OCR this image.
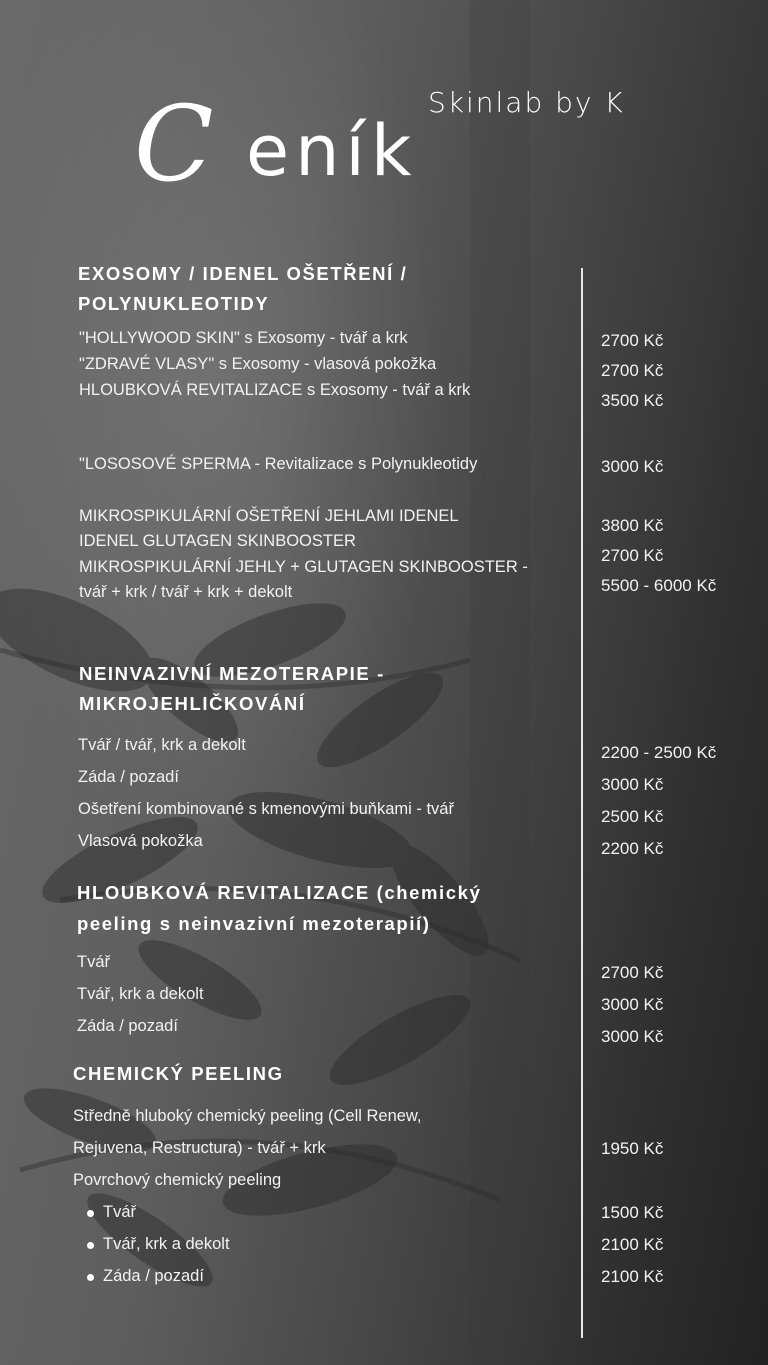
Skinlab by K
C eník
EXOSOMY / IDENEL OŠETŘENÍ /
POLYNUKLEOTIDY
"HOLLYWOOD SKIN" s Exosomy - tvář a krk
"ZDRAVÉ VLASY" s Exosomy - vlasová pokožka
HLOUBKOVÁ REVITALIZACE s Exosomy - tvář a krk
"LOSOSOVÉ SPERMA - Revitalizace s Polynukleotidy
MIKROSPIKULÁRNÍ OŠETŘENÍ JEHLAMI IDENEL
IDENEL GLUTAGEN SKINBOOSTER
MIKROSPIKULÁRNÍ JEHLY + GLUTAGEN SKINBOOSTER -
tvář + krk / tvář + krk + dekolt
2700 Kč
2700 Kč
3500 Kč
3000 Kč
3800 Kč
2700 Kč
5500 - 6000 Kč
NEINVAZIVNÍ MEZOTERAPIE -
MIKROJEHLIČKOVÁNÍ
Tvář / tvář, krk a dekolt
Záda / pozadí
Ošetření kombinované s kmenovými buňkami - tvář
Vlasová pokožka
2200 - 2500 Kč
3000 Kč
2500 Kč
2200 Kč
HLOUBKOVÁ REVITALIZACE (chemický
peeling s neinvazivní mezoterapií)
Tvář
Tvář, krk a dekolt
Záda / pozadí
2700 Kč
3000 Kč
3000 Kč
CHEMICKÝ PEELING
Středně hluboký chemický peeling (Cell Renew,
Rejuvena, Restructura) - tvář + krk
Povrchový chemický peeling
Tvář
Tvář, krk a dekolt
Záda / pozadí
1950 Kč
1500 Kč
2100 Kč
2100 Kč
